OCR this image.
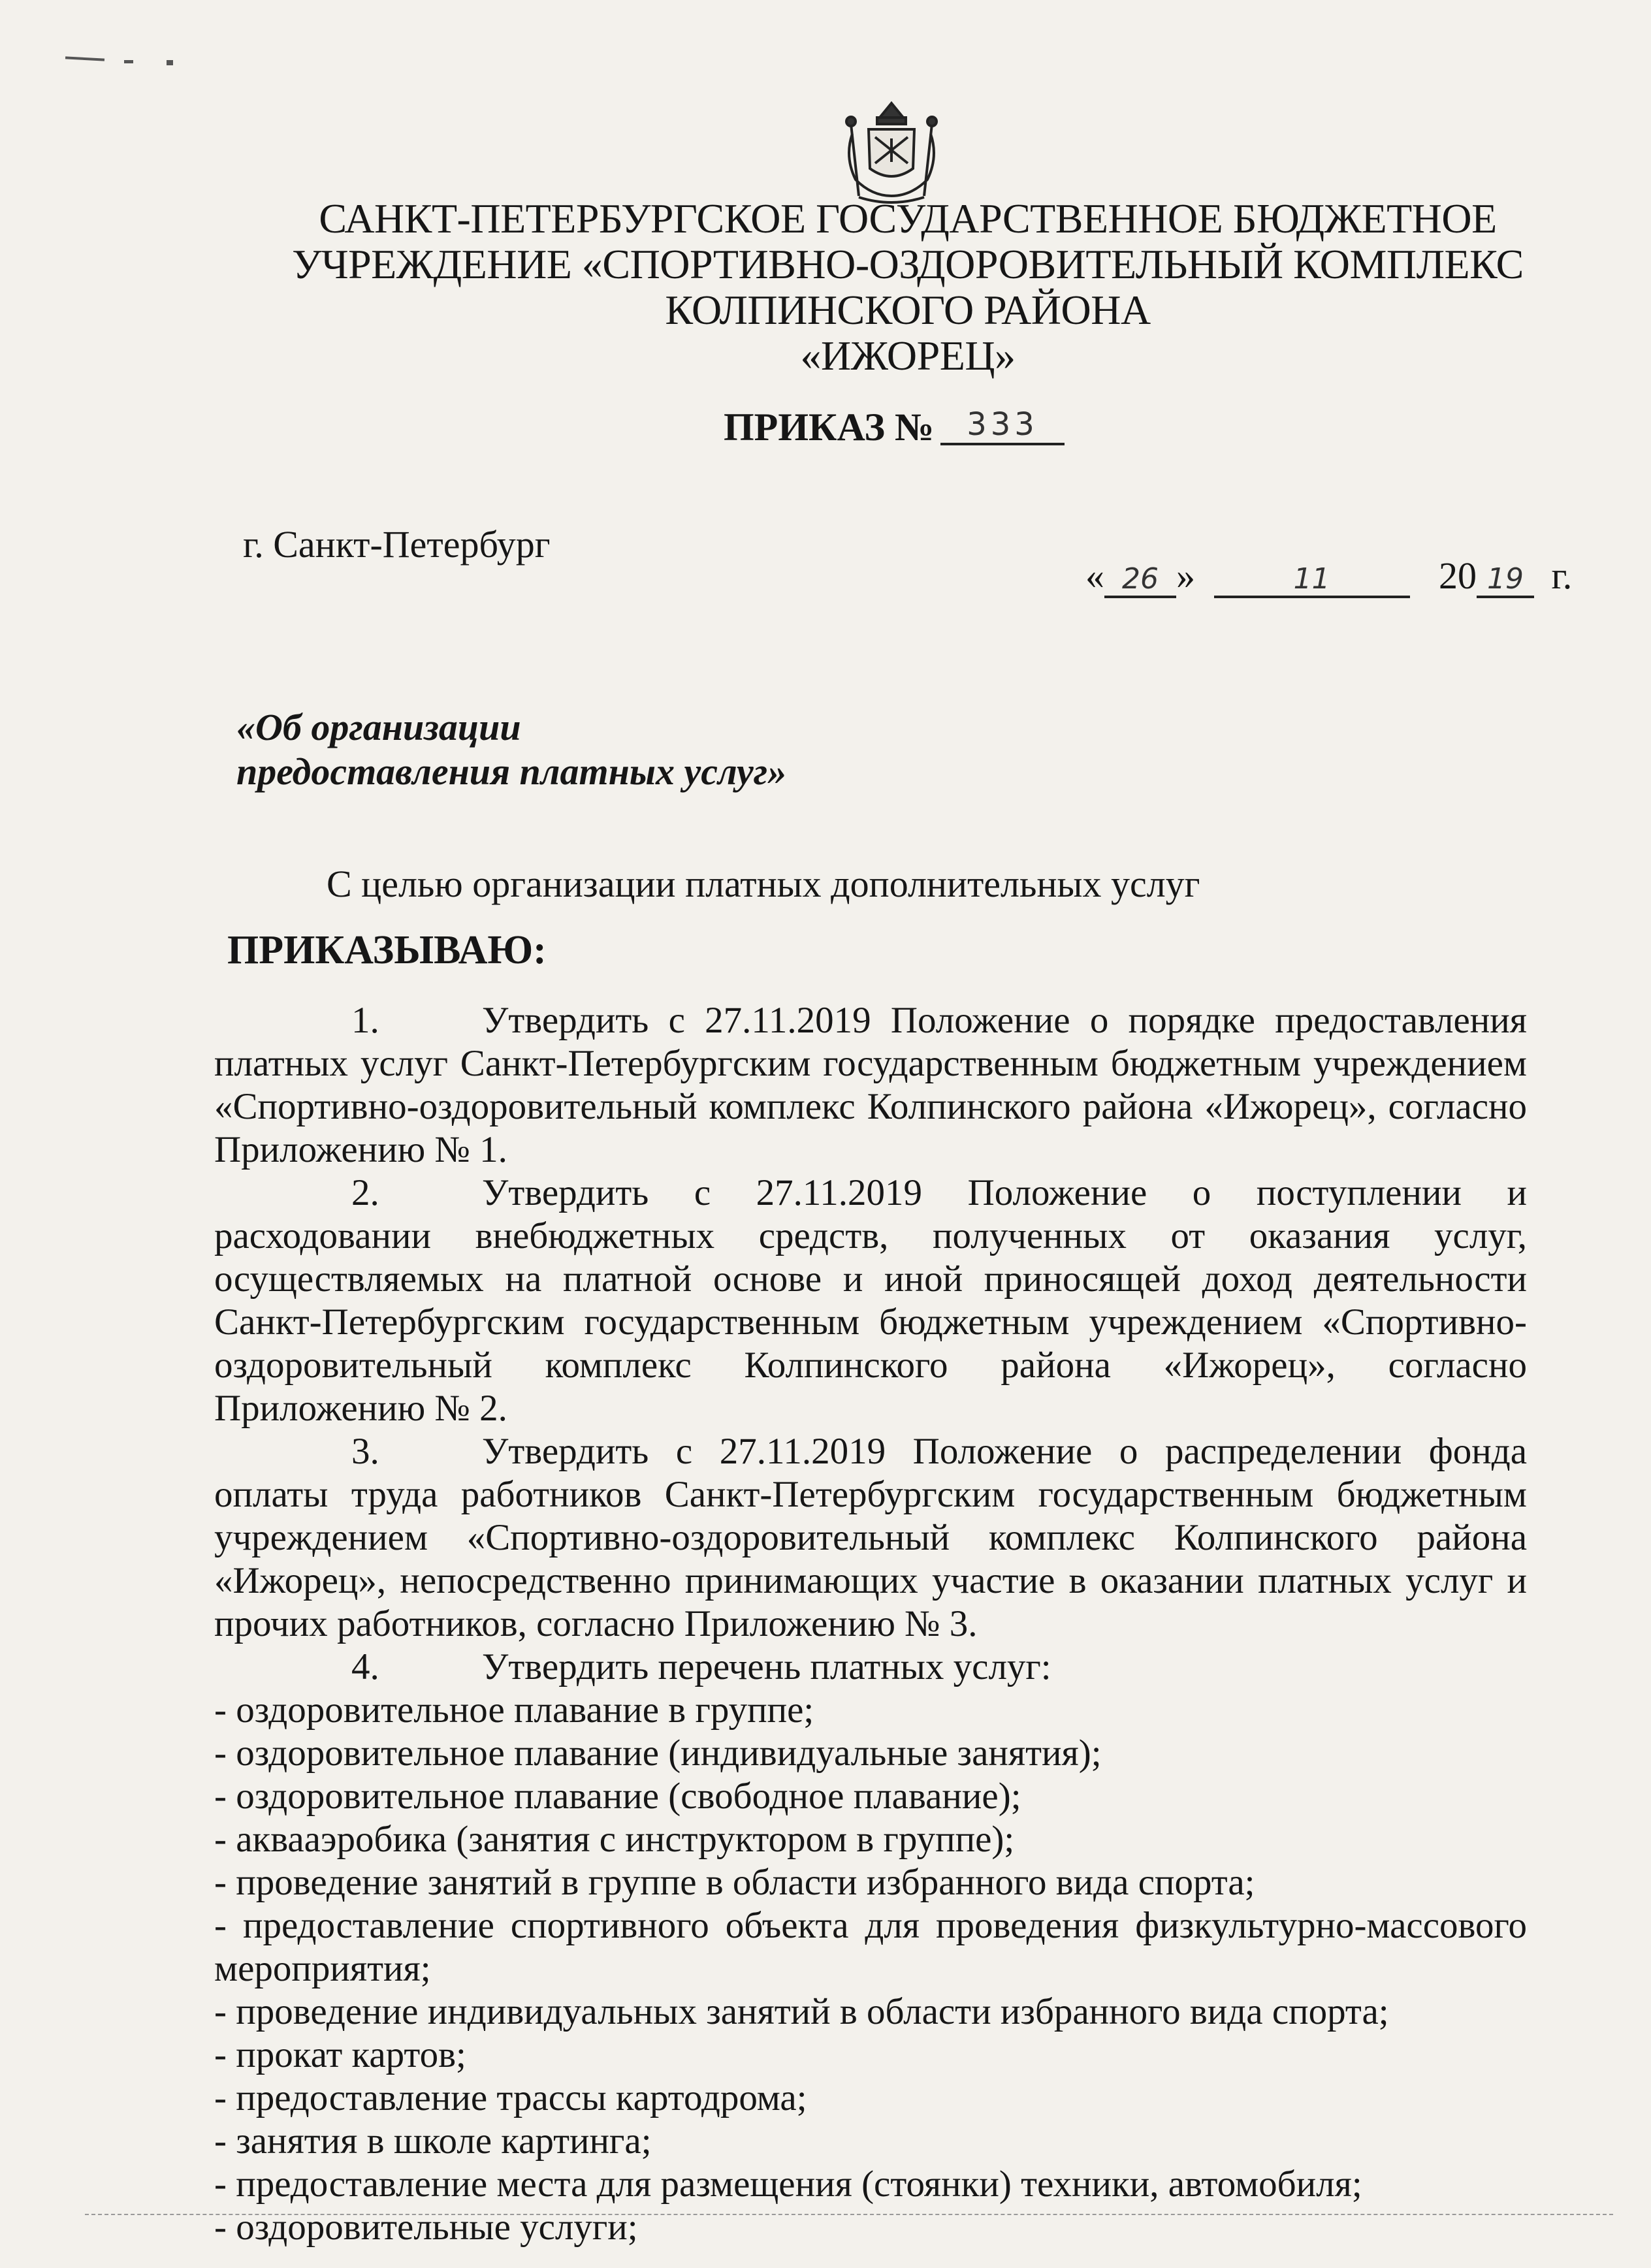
САНКТ-ПЕТЕРБУРГСКОЕ ГОСУДАРСТВЕННОЕ БЮДЖЕТНОЕ
УЧРЕЖДЕНИЕ «СПОРТИВНО-ОЗДОРОВИТЕЛЬНЫЙ КОМПЛЕКС
КОЛПИНСКОГО РАЙОНА
«ИЖОРЕЦ»
ПРИКАЗ №	333
г. Санкт-Петербург
« 26 »	11	20 19 г.
«Об организации
предоставления платных услуг»
С целью организации платных дополнительных услуг
ПРИКАЗЫВАЮ:

1.	Утвердить с 27.11.2019 Положение о порядке предоставления платных услуг Санкт-Петербургским государственным бюджетным учреждением «Спортивно-оздоровительный комплекс Колпинского района «Ижорец», согласно Приложению № 1.

2.	Утвердить с 27.11.2019 Положение о поступлении и расходовании внебюджетных средств, полученных от оказания услуг, осуществляемых на платной основе и иной приносящей доход деятельности Санкт-Петербургским государственным бюджетным учреждением «Спортивно-оздоровительный комплекс Колпинского района «Ижорец», согласно Приложению № 2.

3.	Утвердить с 27.11.2019 Положение о распределении фонда оплаты труда работников Санкт-Петербургским государственным бюджетным учреждением «Спортивно-оздоровительный комплекс Колпинского района «Ижорец», непосредственно принимающих участие в оказании платных услуг и прочих работников, согласно Приложению № 3.

4.	Утвердить перечень платных услуг:

- оздоровительное плавание в группе;
- оздоровительное плавание (индивидуальные занятия);
- оздоровительное плавание (свободное плавание);
- аквааэробика (занятия с инструктором в группе);
- проведение занятий в группе в области избранного вида спорта;
- предоставление спортивного объекта для проведения физкультурно-массового мероприятия;
- проведение индивидуальных занятий в области избранного вида спорта;
- прокат картов;
- предоставление трассы картодрома;
- занятия в школе картинга;
- предоставление места для размещения (стоянки) техники, автомобиля;
- оздоровительные услуги;
